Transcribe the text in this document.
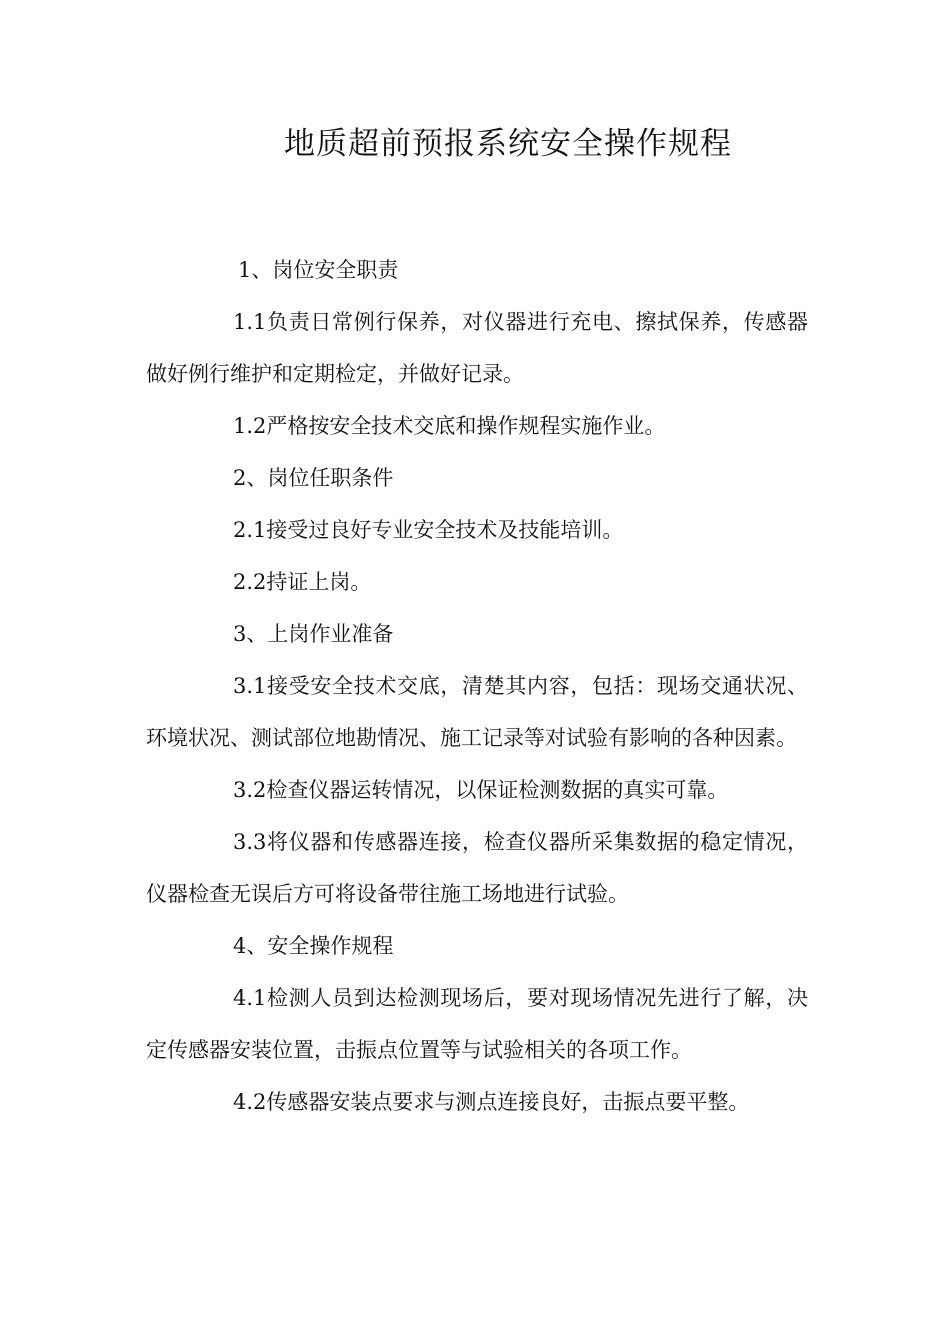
地质超前预报系统安全操作规程

1、岗位安全职责

1.1负责日常例行保养，对仪器进行充电、擦拭保养，传感器做好例行维护和定期检定，并做好记录。

1.2严格按安全技术交底和操作规程实施作业。

2、岗位任职条件

2.1接受过良好专业安全技术及技能培训。

2.2持证上岗。

3、上岗作业准备

3.1接受安全技术交底，清楚其内容，包括：现场交通状况、环境状况、测试部位地勘情况、施工记录等对试验有影响的各种因素。

3.2检查仪器运转情况，以保证检测数据的真实可靠。

3.3将仪器和传感器连接，检查仪器所采集数据的稳定情况，仪器检查无误后方可将设备带往施工场地进行试验。

4、安全操作规程

4.1检测人员到达检测现场后，要对现场情况先进行了解，决定传感器安装位置，击振点位置等与试验相关的各项工作。

4.2传感器安装点要求与测点连接良好，击振点要平整。
